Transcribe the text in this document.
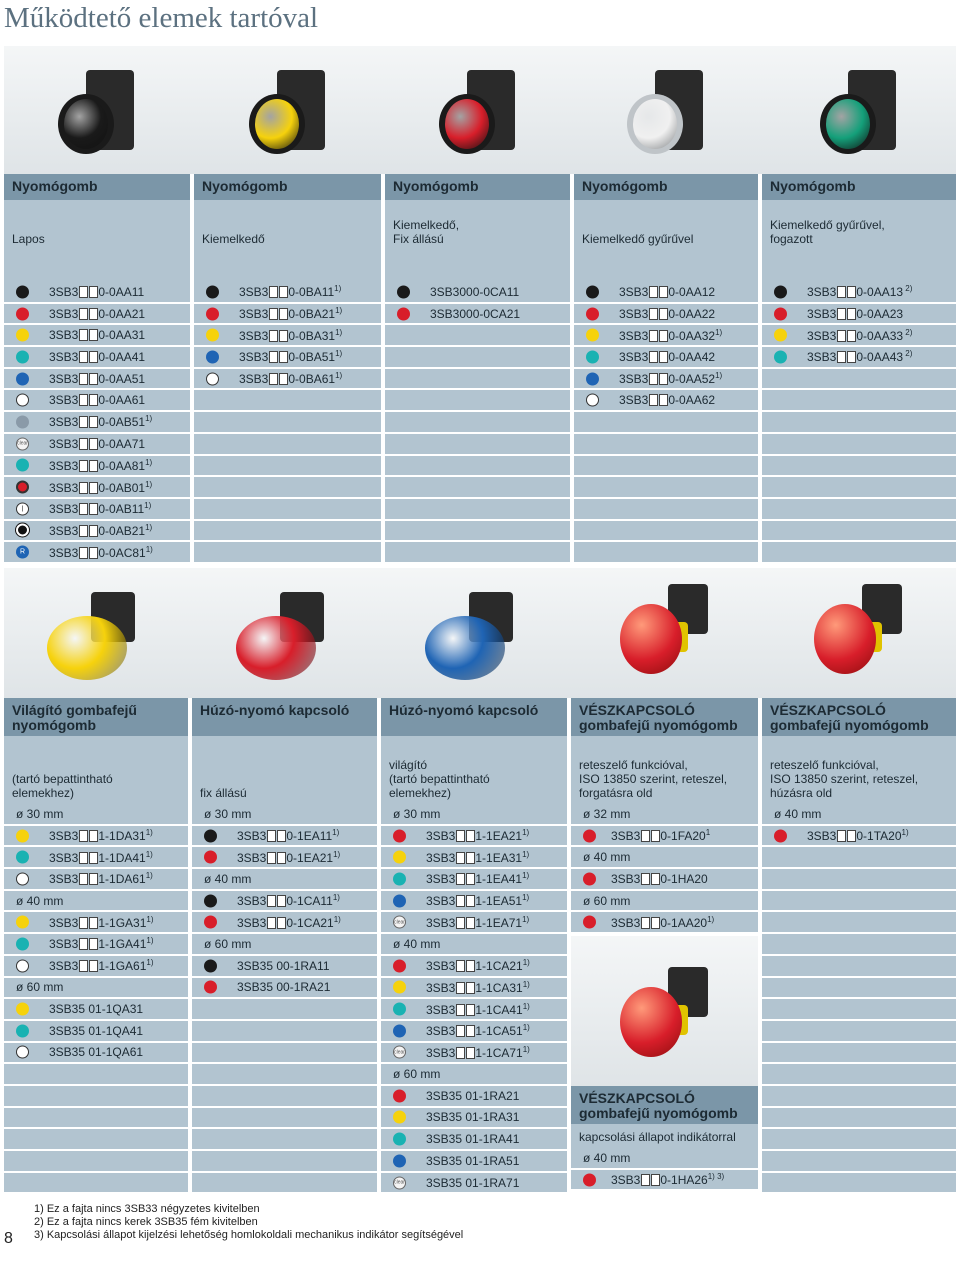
Működtető elemek tartóval
Nyomógomb
Lapos
3SB3 0-0AA11
3SB3 0-0AA21
3SB3 0-0AA31
3SB3 0-0AA41
3SB3 0-0AA51
3SB3 0-0AA61
3SB3 0-0AB51$^{1)}$
clear 3SB3 0-0AA71
3SB3 0-0AA81$^{1)}$
3SB3 0-0AB01$^{1)}$
I	3SB3 0-0AB11$^{1)}$
3SB3 0-0AB21$^{1)}$
R	3SB3 0-0AC81$^{1)}$
Nyomógomb
Kiemelkedő
3SB3 0-0BA11$^{1)}$
3SB3 0-0BA21$^{1)}$
3SB3 0-0BA31$^{1)}$
3SB3 0-0BA51$^{1)}$
3SB3 0-0BA61$^{1)}$
Nyomógomb
Kiemelkedő,
Fix állású
3SB3000-0CA11
3SB3000-0CA21
Nyomógomb
Kiemelkedő gyűrűvel
3SB3 0-0AA12
3SB3 0-0AA22
3SB3 0-0AA32$^{1)}$
3SB3 0-0AA42
3SB3 0-0AA52$^{1)}$
3SB3 0-0AA62
Nyomógomb
Kiemelkedő gyűrűvel,
fogazott
3SB3 0-0AA13 $^{2)}$
3SB3 0-0AA23
3SB3 0-0AA33 $^{2)}$
3SB3 0-0AA43 $^{2)}$
Világító gombafejű
nyomógomb
(tartó bepattintható
elemekhez)
ø 30 mm
3SB3 1-1DA31$^{1)}$
3SB3 1-1DA41$^{1)}$
3SB3 1-1DA61$^{1)}$
ø 40 mm
3SB3 1-1GA31$^{1)}$
3SB3 1-1GA41$^{1)}$
3SB3 1-1GA61$^{1)}$
ø 60 mm
3SB35 01-1QA31
3SB35 01-1QA41
3SB35 01-1QA61
Húzó-nyomó kapcsoló
fix állású
ø 30 mm
3SB3 0-1EA11$^{1)}$
3SB3 0-1EA21$^{1)}$
ø 40 mm
3SB3 0-1CA11$^{1)}$
3SB3 0-1CA21$^{1)}$
ø 60 mm
3SB35 00-1RA11
3SB35 00-1RA21
Húzó-nyomó kapcsoló
világító
(tartó bepattintható
elemekhez)
ø 30 mm
3SB3 1-1EA21$^{1)}$
3SB3 1-1EA31$^{1)}$
3SB3 1-1EA41$^{1)}$
3SB3 1-1EA51$^{1)}$
clear 3SB3 1-1EA71$^{1)}$
ø 40 mm
3SB3 1-1CA21$^{1)}$
3SB3 1-1CA31$^{1)}$
3SB3 1-1CA41$^{1)}$
3SB3 1-1CA51$^{1)}$
clear 3SB3 1-1CA71$^{1)}$
ø 60 mm
3SB35 01-1RA21
3SB35 01-1RA31
3SB35 01-1RA41
3SB35 01-1RA51
clear 3SB35 01-1RA71
VÉSZKAPCSOLÓ
gombafejű nyomógomb
reteszelő funkcióval,
ISO 13850 szerint, reteszel,
forgatásra old
ø 32 mm
3SB3 $0-1FA20^1$
ø 40 mm
3SB3 0-1HA20
ø 60 mm
3SB3 0-1AA20$^{1)}$
VÉSZKAPCSOLÓ
gombafejű nyomógomb
kapcsolási állapot indikátorral
ø 40 mm
3SB3 $0-1HA26^{1) 3)}$
VÉSZKAPCSOLÓ
gombafejű nyomógomb
reteszelő funkcióval,
ISO 13850 szerint, reteszel,
húzásra old
ø 40 mm
3SB3 0-1TA20$^{1)}$
1) Ez a fajta nincs 3SB33 négyzetes kivitelben
2) Ez a fajta nincs kerek 3SB35 fém kivitelben
3) Kapcsolási állapot kijelzési lehetőség homlokoldali mechanikus indikátor segítségével
8
